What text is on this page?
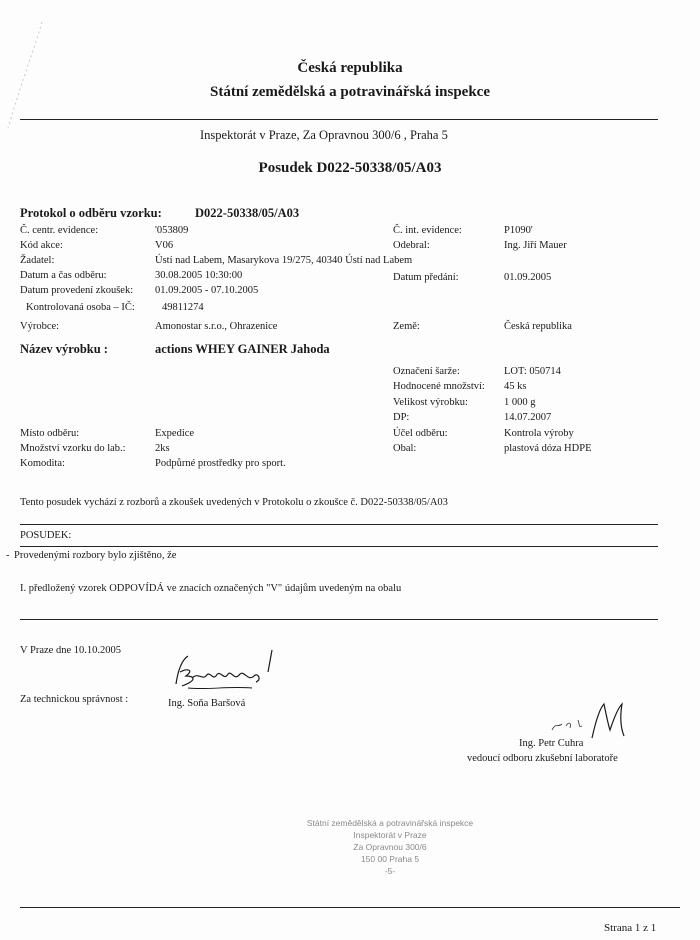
Česká republika
Státní zemědělská a potravinářská inspekce
Inspektorát v Praze, Za Opravnou 300/6 , Praha 5
Posudek D022-50338/05/A03
Protokol o odběru vzorku:	D022-50338/05/A03
Č. centr. evidence:	'053809
Kód akce:	V06
Žadatel:	Ústí nad Labem, Masarykova 19/275, 40340 Ústí nad Labem
Datum a čas odběru:	30.08.2005 10:30:00
Datum provedení zkoušek: 01.09.2005 - 07.10.2005
Kontrolovaná osoba – IČ:	49811274
Výrobce:	Amonostar s.r.o., Ohrazenice
Č. int. evidence:	P1090'
Odebral:	Ing. Jiří Mauer
Datum předání:	01.09.2005
Země:	Česká republika
Název výrobku :	actions WHEY GAINER Jahoda
Označení šarže:	LOT: 050714
Hodnocené množství: 45 ks
Velikost výrobku:	1 000 g
DP:	14.07.2007
Účel odběru:	Kontrola výroby
Obal:	plastová dóza HDPE
Místo odběru:	Expedice
Množství vzorku do lab.:	2ks
Komodita:	Podpůrné prostředky pro sport.
Tento posudek vychází z rozborů a zkoušek uvedených v Protokolu o zkoušce č. D022-50338/05/A03
POSUDEK:
- Provedenými rozbory bylo zjištěno, že
I. předložený vzorek ODPOVÍDÁ ve znacích označených "V" údajům uvedeným na obalu
V Praze dne 10.10.2005
Za technickou správnost :	Ing. Soňa Baršová
Ing. Petr Cuhra
vedoucí odboru zkušební laboratoře
Státní zemědělská a potravinářská inspekce
Inspektorát v Praze
Za Opravnou 300/6
150 00 Praha 5
-5-
Strana 1 z 1
